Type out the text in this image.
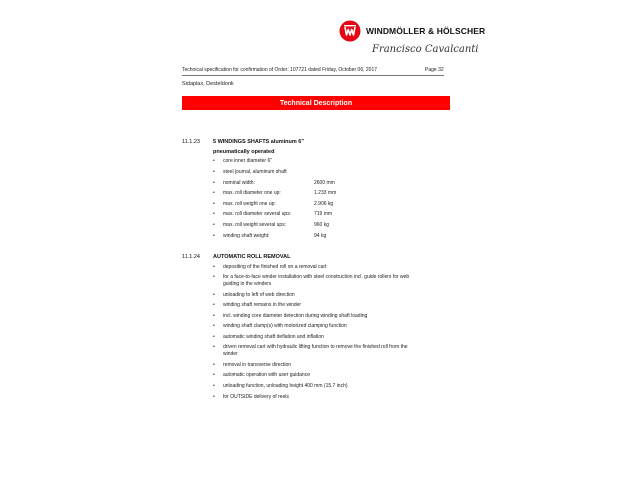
WINDMÖLLER & HÖLSCHER
Francisco Cavalcanti
Technical specification for confirmation of Order: 107721 dated Friday, October 06, 2017	Page 32
Sidaplax, Desteldonk
Technical Description
11.1.23 5 WINDINGS SHAFTS aluminum 6"
pneumatically operated
•	core inner diameter 6"
•	steel journal, aluminum shaft
•	nominal width:	2600 mm
•	max. roll diameter one up:	1.233 mm
•	max. roll weight one up:	2.906 kg
•	max. roll diameter several ups:	719 mm
•	max. roll weight several ups:	960 kg
•	winding shaft weight:	94 kg
11.1.24 AUTOMATIC ROLL REMOVAL
•	depositing of the finished roll on a removal cart
•	for a face-to-face winder installation with steel construction incl. guide rollers for web guiding in the winders
•	unloading to left of web direction
•	winding shaft remains in the winder
•	incl. winding core diameter detection during winding shaft loading
•	winding shaft clamp(s) with motorized clamping function
•	automatic winding shaft deflation and inflation
•	driven removal cart with hydraulic lifting function to remove the finished roll from the winder
•	removal in transverse direction
•	automatic operation with user guidance
•	unloading function, unloading height 400 mm (15.7 inch)
•	for OUTSIDE delivery of reels
